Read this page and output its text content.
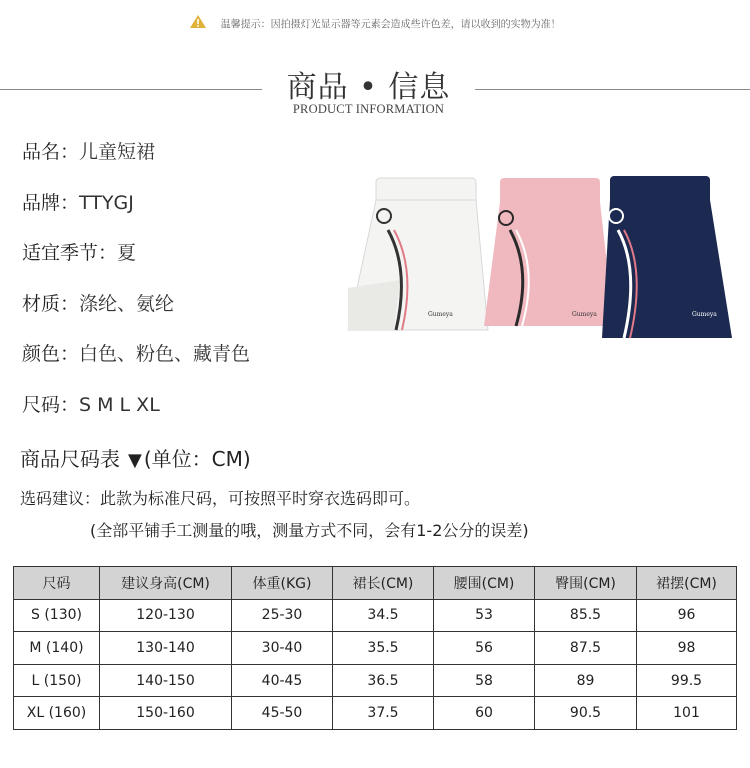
温馨提示：因拍摄灯光显示器等元素会造成些许色差，请以收到的实物为准！
商品 • 信息
PRODUCT INFORMATION
品名：儿童短裙
品牌：TTYGJ
适宜季节：夏
材质：涤纶、氨纶
颜色：白色、粉色、藏青色
尺码：S M L XL
Gumeya	Gumeya	Gumeya
商品尺码表 ▼ (单位：CM)
选码建议：此款为标准尺码，可按照平时穿衣选码即可。
(全部平铺手工测量的哦，测量方式不同，会有1-2公分的误差)
尺码	建议身高(CM)	体重(KG)	裙长(CM)	腰围(CM)	臀围(CM)	裙摆(CM)
S (130)	120-130	25-30	34.5	53	85.5	96
M (140)	130-140	30-40	35.5	56	87.5	98
L (150)	140-150	40-45	36.5	58	89	99.5
XL (160)	150-160	45-50	37.5	60	90.5	101
